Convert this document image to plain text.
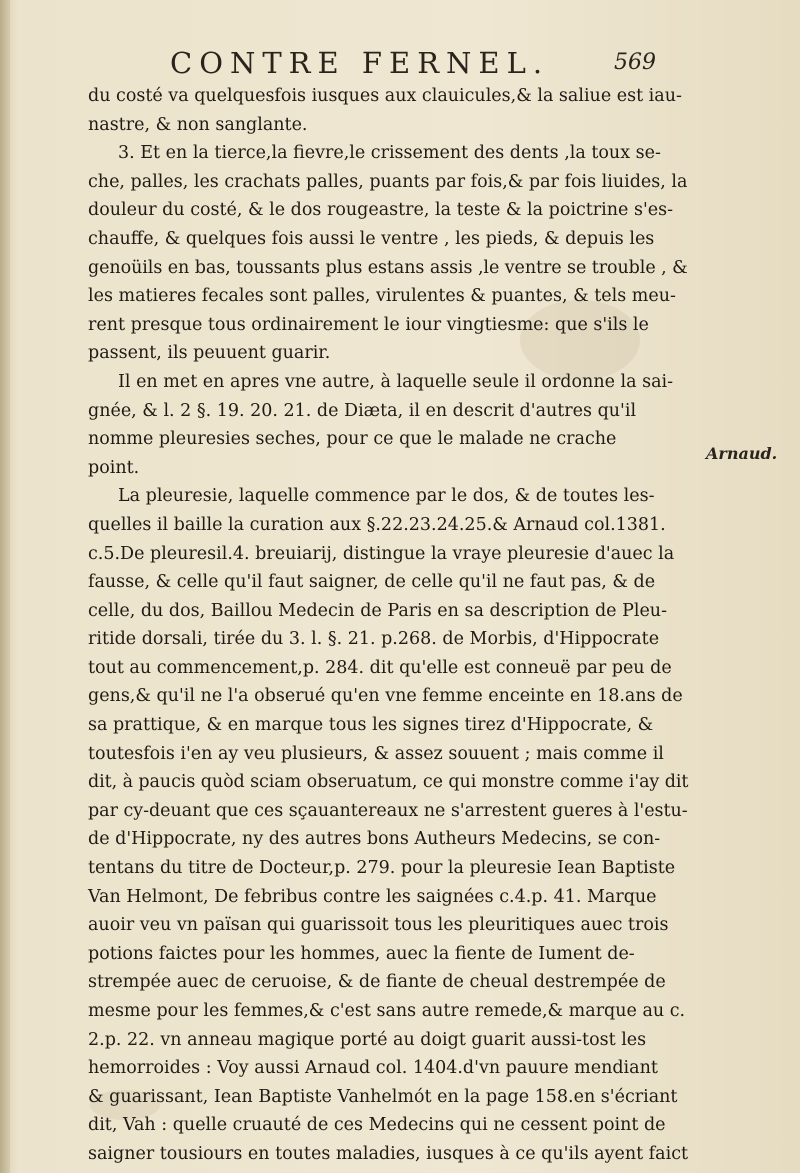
CONTRE FERNEL.	569
Arnaud.
du costé va quelquesfois iusques aux clauicules,& la saliue est iau-
nastre, & non sanglante.
3. Et en la tierce,la fievre,le crissement des dents ,la toux se-
che, palles, les crachats palles, puants par fois,& par fois liuides, la
douleur du costé, & le dos rougeastre, la teste & la poictrine s'es-
chauffe, & quelques fois aussi le ventre , les pieds, & depuis les
genoüils en bas, toussants plus estans assis ,le ventre se trouble , &
les matieres fecales sont palles, virulentes & puantes, & tels meu-
rent presque tous ordinairement le iour vingtiesme: que s'ils le
passent, ils peuuent guarir.
Il en met en apres vne autre, à laquelle seule il ordonne la sai-
gnée, & l. 2 §. 19. 20. 21. de Diæta, il en descrit d'autres qu'il
nomme pleuresies seches, pour ce que le malade ne crache
point.
La pleuresie, laquelle commence par le dos, & de toutes les-
quelles il baille la curation aux §.22.23.24.25.& Arnaud col.1381.
c.5.De pleuresil.4. breuiarij, distingue la vraye pleuresie d'auec la
fausse, & celle qu'il faut saigner, de celle qu'il ne faut pas, & de
celle, du dos, Baillou Medecin de Paris en sa description de Pleu-
ritide dorsali, tirée du 3. l. §. 21. p.268. de Morbis, d'Hippocrate
tout au commencement,p. 284. dit qu'elle est conneuë par peu de
gens,& qu'il ne l'a obserué qu'en vne femme enceinte en 18.ans de
sa prattique, & en marque tous les signes tirez d'Hippocrate, &
toutesfois i'en ay veu plusieurs, & assez souuent ; mais comme il
dit, à paucis quòd sciam obseruatum, ce qui monstre comme i'ay dit
par cy-deuant que ces sçauantereaux ne s'arrestent gueres à l'estu-
de d'Hippocrate, ny des autres bons Autheurs Medecins, se con-
tentans du titre de Docteur,p. 279. pour la pleuresie Iean Baptiste
Van Helmont, De febribus contre les saignées c.4.p. 41. Marque
auoir veu vn païsan qui guarissoit tous les pleuritiques auec trois
potions faictes pour les hommes, auec la fiente de Iument de-
strempée auec de ceruoise, & de fiante de cheual destrempée de
mesme pour les femmes,& c'est sans autre remede,& marque au c.
2.p. 22. vn anneau magique porté au doigt guarit aussi-tost les
hemorroides : Voy aussi Arnaud col. 1404.d'vn pauure mendiant
& guarissant, Iean Baptiste Vanhelmót en la page 158.en s'écriant
dit, Vah : quelle cruauté de ces Medecins qui ne cessent point de
saigner tousiours en toutes maladies, iusques à ce qu'ils ayent faict
